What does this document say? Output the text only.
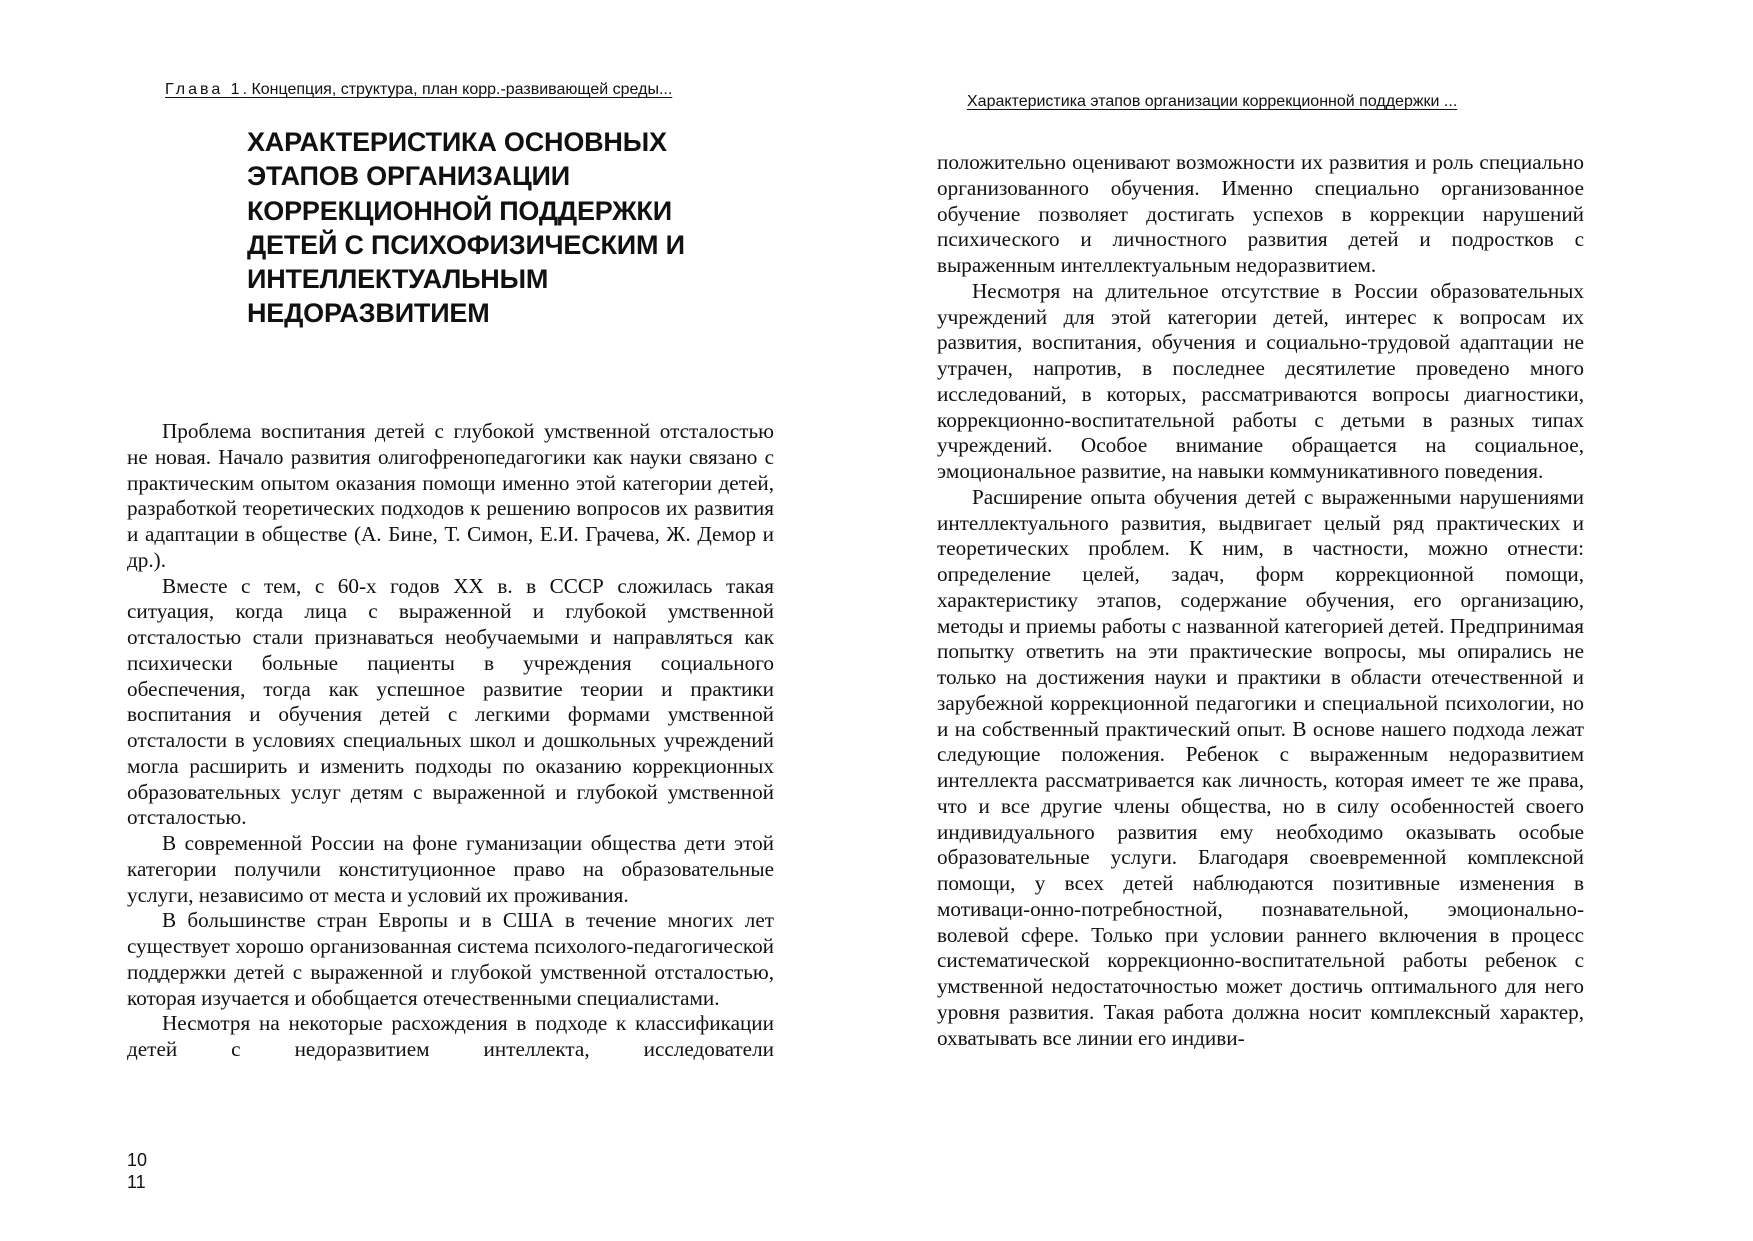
Глава 1. Концепция, структура, план корр.-развивающей среды...
Характеристика этапов организации коррекционной поддержки ...
ХАРАКТЕРИСТИКА ОСНОВНЫХ ЭТАПОВ ОРГАНИЗАЦИИ КОРРЕКЦИОННОЙ ПОДДЕРЖКИ ДЕТЕЙ С ПСИХОФИЗИЧЕСКИМ И ИНТЕЛЛЕКТУАЛЬНЫМ НЕДОРАЗВИТИЕМ

Проблема воспитания детей с глубокой умственной отсталостью не новая. Начало развития олигофренопедагогики как науки связано с практическим опытом оказания помощи именно этой категории детей, разработкой теоретических подходов к решению вопросов их развития и адаптации в обществе (А. Бине, Т. Симон, Е.И. Грачева, Ж. Демор и др.).

Вместе с тем, с 60-х годов XX в. в СССР сложилась такая ситуация, когда лица с выраженной и глубокой умственной отсталостью стали признаваться необучаемыми и направляться как психически больные пациенты в учреждения социального обеспечения, тогда как успешное развитие теории и практики воспитания и обучения детей с легкими формами умственной отсталости в условиях специальных школ и дошкольных учреждений могла расширить и изменить подходы по оказанию коррекционных образовательных услуг детям с выраженной и глубокой умственной отсталостью.

В современной России на фоне гуманизации общества дети этой категории получили конституционное право на образовательные услуги, независимо от места и условий их проживания.

В большинстве стран Европы и в США в течение многих лет существует хорошо организованная система психолого-педагогической поддержки детей с выраженной и глубокой умственной отсталостью, которая изучается и обобщается отечественными специалистами.

Несмотря на некоторые расхождения в подходе к классификации детей с недоразвитием интеллекта, исследователи

10
11

положительно оценивают возможности их развития и роль специально организованного обучения. Именно специально организованное обучение позволяет достигать успехов в коррекции нарушений психического и личностного развития детей и подростков с выраженным интеллектуальным недоразвитием.

Несмотря на длительное отсутствие в России образовательных учреждений для этой категории детей, интерес к вопросам их развития, воспитания, обучения и социально-трудовой адаптации не утрачен, напротив, в последнее десятилетие проведено много исследований, в которых, рассматриваются вопросы диагностики, коррекционно-воспитательной работы с детьми в разных типах учреждений. Особое внимание обращается на социальное, эмоциональное развитие, на навыки коммуникативного поведения.

Расширение опыта обучения детей с выраженными нарушениями интеллектуального развития, выдвигает целый ряд практических и теоретических проблем. К ним, в частности, можно отнести: определение целей, задач, форм коррекционной помощи, характеристику этапов, содержание обучения, его организацию, методы и приемы работы с названной категорией детей. Предпринимая попытку ответить на эти практические вопросы, мы опирались не только на достижения науки и практики в области отечественной и зарубежной коррекционной педагогики и специальной психологии, но и на собственный практический опыт. В основе нашего подхода лежат следующие положения. Ребенок с выраженным недоразвитием интеллекта рассматривается как личность, которая имеет те же права, что и все другие члены общества, но в силу особенностей своего индивидуального развития ему необходимо оказывать особые образовательные услуги. Благодаря своевременной комплексной помощи, у всех детей наблюдаются позитивные изменения в мотиваци-онно-потребностной, познавательной, эмоционально-волевой сфере. Только при условии раннего включения в процесс систематической коррекционно-воспитательной работы ребенок с умственной недостаточностью может достичь оптимального для него уровня развития. Такая работа должна носит комплексный характер, охватывать все линии его индиви-
